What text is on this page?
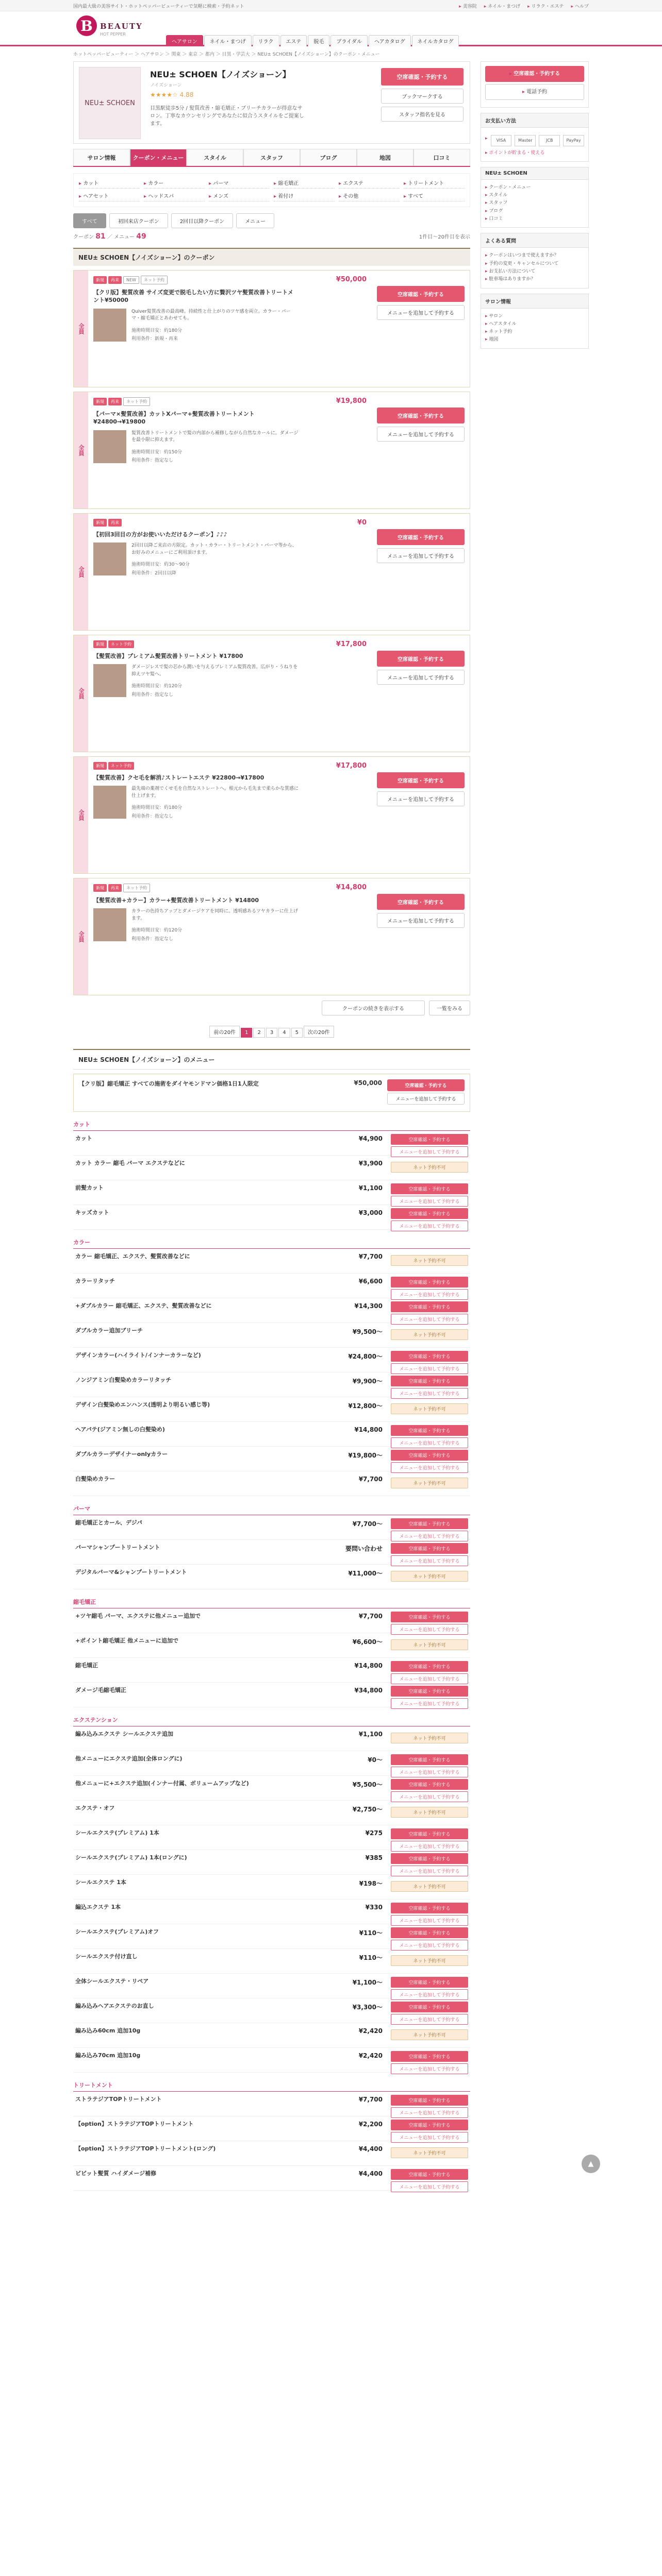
国内最大級の美容サイト・ホットペッパービューティーで気軽に検索・予約ネット	▸ 美容院	▸ ネイル・まつげ	▸ リラク・エステ	▸ ヘルプ
B BEAUTY
HOT PEPPER
ヘアサロン	ネイル・まつげ	リラク	エステ	脱毛	ブライダル	ヘアカタログ	ネイルカタログ
ホットペッパービューティー ＞ ヘアサロン ＞ 関東 ＞ 東京 ＞ 都内 ＞ 目黒・学芸大 ＞ NEU± SCHOEN【ノイズショーン】のクーポン・メニュー
NEU± SCHOEN
NEU± SCHOEN【ノイズショーン】
ノイズショーン
★★★★☆ 4.88
目黒駅徒歩5分 / 髪質改善・縮毛矯正・ブリーチカラーが得意なサロン。丁寧なカウンセリングであなたに似合うスタイルをご提案します。
空席確認・予約する
ブックマークする
スタッフ指名を見る
サロン情報	クーポン・メニュー	スタイル	スタッフ	ブログ	地図	口コミ
▸ カット	▸ カラー	▸ パーマ	▸ 縮毛矯正	▸ エクステ	▸ トリートメント
▸ ヘアセット	▸ ヘッドスパ	▸ メンズ	▸ 着付け	▸ その他	▸ すべて
すべて	初回来店クーポン	2回目以降クーポン	メニュー
クーポン 81 ／ メニュー 49	1件目〜20件目を表示
NEU± SCHOEN【ノイズショーン】のクーポン
全員
新規 再来 NEW ネット予約
【クリ版】髪質改善 サイズ変更で脱毛したい方に贅沢ツヤ髪質改善トリートメント¥50000
Quiver髪質改善の最高峰。持続性と仕上がりのツヤ感を両立。カラー・パーマ・縮毛矯正とあわせても。
施術時間目安：約180分
利用条件：新規・再来
¥50,000
空席確認・予約する
メニューを追加して予約する
全員
新規 再来 ネット予約
【パーマ×髪質改善】カットXパーマ+髪質改善トリートメント ¥24800→¥19800
髪質改善トリートメントで髪の内部から補修しながら自然なカールに。ダメージを最小限に抑えます。
施術時間目安：約150分
利用条件：指定なし
¥19,800
空席確認・予約する
メニューを追加して予約する
全員
新規 再来
【初回3回目の方がお使いいただけるクーポン】♪♪♪
2回目以降ご来店の方限定。カット・カラー・トリートメント・パーマ等から、お好みのメニューにご利用頂けます。
施術時間目安：約30〜90分
利用条件：2回目以降
¥0
空席確認・予約する
メニューを追加して予約する
全員
新規 ネット予約
【髪質改善】プレミアム髪質改善トリートメント ¥17800
ダメージレスで髪の芯から潤いを与えるプレミアム髪質改善。広がり・うねりを抑えツヤ髪へ。
施術時間目安：約120分
利用条件：指定なし
¥17,800
空席確認・予約する
メニューを追加して予約する
全員
新規 ネット予約
【髪質改善】クセ毛を解消♪ストレートエステ ¥22800→¥17800
最先端の薬剤でくせ毛を自然なストレートへ。根元から毛先まで柔らかな質感に仕上げます。
施術時間目安：約180分
利用条件：指定なし
¥17,800
空席確認・予約する
メニューを追加して予約する
全員
新規 再来 ネット予約
【髪質改善+カラー】カラー+髪質改善トリートメント ¥14800
カラーの色持ちアップとダメージケアを同時に。透明感あるツヤカラーに仕上げます。
施術時間目安：約120分
利用条件：指定なし
¥14,800
空席確認・予約する
メニューを追加して予約する
クーポンの続きを表示する	一覧をみる
前の20件 1 2 3 4 5 次の20件
NEU± SCHOEN【ノイズショーン】のメニュー
【クリ版】縮毛矯正 すべての施術をダイヤモンドマン価格1日1人限定	¥50,000	空席確認・予約する
メニューを追加して予約する
カット
カット	¥4,900	空席確認・予約する
メニューを追加して予約する
カット カラー 縮毛 パーマ エクステなどに	¥3,900
ネット予約不可
前髪カット	¥1,100	空席確認・予約する
メニューを追加して予約する
キッズカット	¥3,000	空席確認・予約する
メニューを追加して予約する
カラー
カラー 縮毛矯正、エクステ、髪質改善などに	¥7,700
ネット予約不可
カラーリタッチ	¥6,600	空席確認・予約する
メニューを追加して予約する
+ダブルカラー 縮毛矯正、エクステ、髪質改善などに	¥14,300	空席確認・予約する
メニューを追加して予約する
ダブルカラー追加ブリーチ	¥9,500〜	ネット予約不可
デザインカラー(ハイライト/インナーカラーなど)	¥24,800〜	空席確認・予約する
メニューを追加して予約する
ノンジアミン白髪染めカラーリタッチ	¥9,900〜	空席確認・予約する
メニューを追加して予約する
デザイン白髪染めエンハンス(透明より明るい感じ等)	¥12,800〜	ネット予約不可
ヘアパテ(ジアミン無しの白髪染め)	¥14,800	空席確認・予約する
メニューを追加して予約する
ダブルカラーデザイナーonlyカラー	¥19,800〜	空席確認・予約する
メニューを追加して予約する
白髪染めカラー	¥7,700
ネット予約不可
パーマ
縮毛矯正とカール、デジパ	¥7,700〜	空席確認・予約する
メニューを追加して予約する
パーマシャンプートリートメント	要問い合わせ	空席確認・予約する
メニューを追加して予約する
デジタルパーマ&シャンプートリートメント	¥11,000〜	ネット予約不可
縮毛矯正
+ツヤ縮毛 パーマ、エクステに他メニュー追加で	¥7,700	空席確認・予約する
メニューを追加して予約する
+ポイント縮毛矯正 他メニューに追加で	¥6,600〜	ネット予約不可
縮毛矯正	¥14,800	空席確認・予約する
メニューを追加して予約する
ダメージ毛縮毛矯正	¥34,800	空席確認・予約する
メニューを追加して予約する
エクステンション
編み込みエクステ シールエクステ追加	¥1,100
ネット予約不可
他メニューにエクステ追加(全体ロングに)	¥0〜	空席確認・予約する
メニューを追加して予約する
他メニューに+エクステ追加(インナー付属、ボリュームアップなど)	¥5,500〜	空席確認・予約する
メニューを追加して予約する
エクステ・オフ	¥2,750〜	ネット予約不可
シールエクステ(プレミアム) 1本	¥275	空席確認・予約する
メニューを追加して予約する
シールエクステ(プレミアム) 1本(ロングに)	¥385	空席確認・予約する
メニューを追加して予約する
シールエクステ 1本	¥198〜	ネット予約不可
編込エクステ 1本	¥330	空席確認・予約する
メニューを追加して予約する
シールエクステ(プレミアム)オフ	¥110〜	空席確認・予約する
メニューを追加して予約する
シールエクステ付け直し	¥110〜	ネット予約不可
全体シールエクステ・リペア	¥1,100〜	空席確認・予約する
メニューを追加して予約する
編み込みヘアエクステのお直し	¥3,300〜	空席確認・予約する
メニューを追加して予約する
編み込み60cm 追加10g	¥2,420
ネット予約不可
編み込み70cm 追加10g	¥2,420	空席確認・予約する
メニューを追加して予約する
トリートメント
ストラテジアTOPトリートメント	¥7,700	空席確認・予約する
メニューを追加して予約する
【option】ストラテジアTOPトリートメント	¥2,200	空席確認・予約する
メニューを追加して予約する
【option】ストラテジアTOPトリートメント(ロング)	¥4,400
ネット予約不可
ビビット髪質 ハイダメージ補修	¥4,400	空席確認・予約する
メニューを追加して予約する
▸ 空席確認・予約する
▸ 電話予約
お支払い方法
▸ VISA	Master	JCB	PayPay
▸ ポイントが貯まる・使える
NEU± SCHOEN
▸ クーポン・メニュー
▸ スタイル
▸ スタッフ
▸ ブログ
▸ 口コミ
よくある質問
▸ クーポンはいつまで使えますか？
▸ 予約の変更・キャンセルについて
▸ お支払い方法について
▸ 駐車場はありますか？
サロン情報
▸ サロン
▸ ヘアスタイル
▸ ネット予約
▸ 地図
▲
